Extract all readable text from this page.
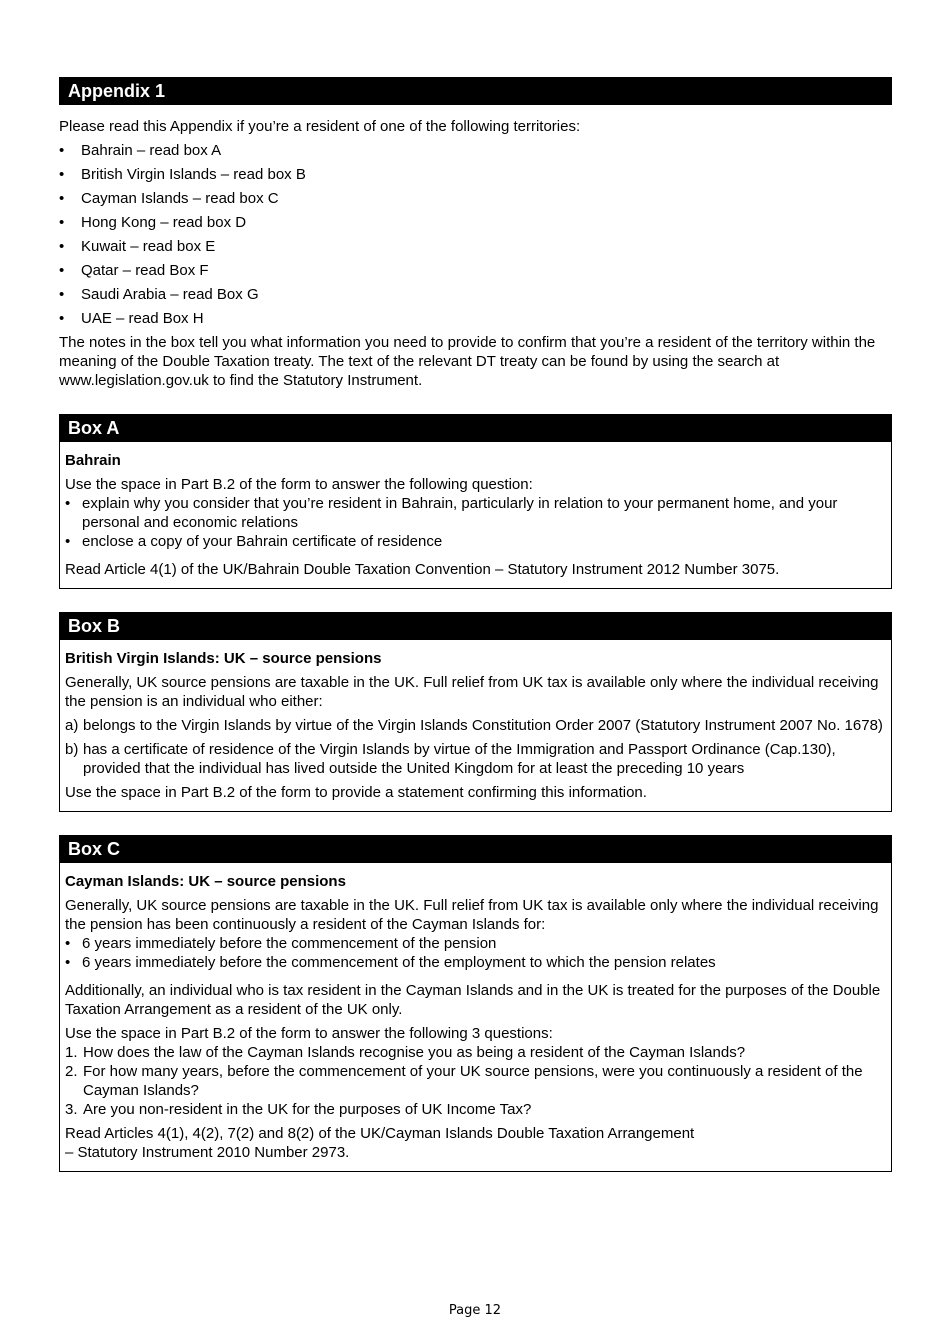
Appendix 1

Please read this Appendix if you’re a resident of one of the following territories:

• Bahrain – read box A
• British Virgin Islands – read box B
• Cayman Islands – read box C
• Hong Kong – read box D
• Kuwait – read box E
• Qatar – read Box F
• Saudi Arabia – read Box G
• UAE – read Box H

The notes in the box tell you what information you need to provide to confirm that you’re a resident of the territory within the meaning of the Double Taxation treaty. The text of the relevant DT treaty can be found by using the search at www.legislation.gov.uk to find the Statutory Instrument.

Box A

Bahrain

Use the space in Part B.2 of the form to answer the following question:

• explain why you consider that you’re resident in Bahrain, particularly in relation to your permanent home, and your personal and economic relations
• enclose a copy of your Bahrain certificate of residence

Read Article 4(1) of the UK/Bahrain Double Taxation Convention – Statutory Instrument 2012 Number 3075.

Box B

British Virgin Islands: UK – source pensions

Generally, UK source pensions are taxable in the UK. Full relief from UK tax is available only where the individual receiving the pension is an individual who either:

a) belongs to the Virgin Islands by virtue of the Virgin Islands Constitution Order 2007 (Statutory Instrument 2007 No. 1678)
b) has a certificate of residence of the Virgin Islands by virtue of the Immigration and Passport Ordinance (Cap.130), provided that the individual has lived outside the United Kingdom for at least the preceding 10 years

Use the space in Part B.2 of the form to provide a statement confirming this information.

Box C

Cayman Islands: UK – source pensions

Generally, UK source pensions are taxable in the UK. Full relief from UK tax is available only where the individual receiving the pension has been continuously a resident of the Cayman Islands for:

• 6 years immediately before the commencement of the pension
• 6 years immediately before the commencement of the employment to which the pension relates

Additionally, an individual who is tax resident in the Cayman Islands and in the UK is treated for the purposes of the Double Taxation Arrangement as a resident of the UK only.

Use the space in Part B.2 of the form to answer the following 3 questions:

1. How does the law of the Cayman Islands recognise you as being a resident of the Cayman Islands?
2. For how many years, before the commencement of your UK source pensions, were you continuously a resident of the Cayman Islands?
3. Are you non-resident in the UK for the purposes of UK Income Tax?

Read Articles 4(1), 4(2), 7(2) and 8(2) of the UK/Cayman Islands Double Taxation Arrangement

– Statutory Instrument 2010 Number 2973.

Page 12
